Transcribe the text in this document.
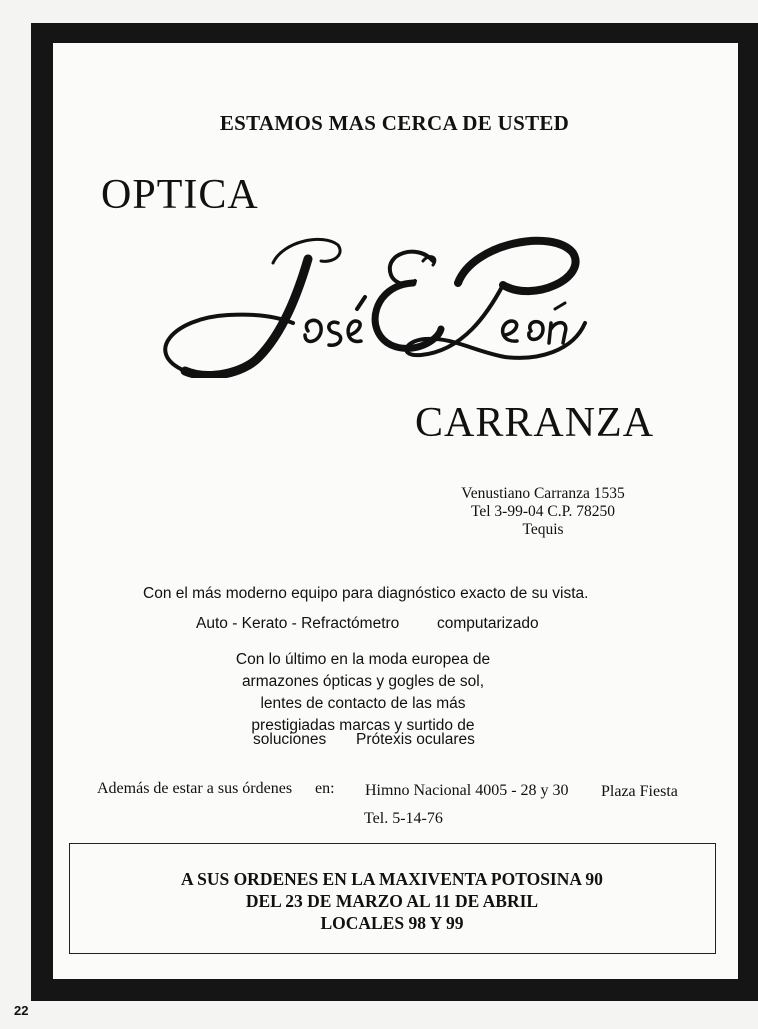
ESTAMOS MAS CERCA DE USTED
OPTICA
CARRANZA
Venustiano Carranza 1535
Tel 3-99-04 C.P. 78250
Tequis
Con el más moderno equipo para diagnóstico exacto de su vista.
Auto - Kerato - Refractómetro computarizado
Con lo último en la moda europea de
armazones ópticas y gogles de sol,
lentes de contacto de las más
prestigiadas marcas y surtido de
soluciones Prótexis oculares
Además de estar a sus órdenes en: Himno Nacional 4005 - 28 y 30 Plaza Fiesta
Tel. 5-14-76
A SUS ORDENES EN LA MAXIVENTA POTOSINA 90
DEL 23 DE MARZO AL 11 DE ABRIL
LOCALES 98 Y 99
22
